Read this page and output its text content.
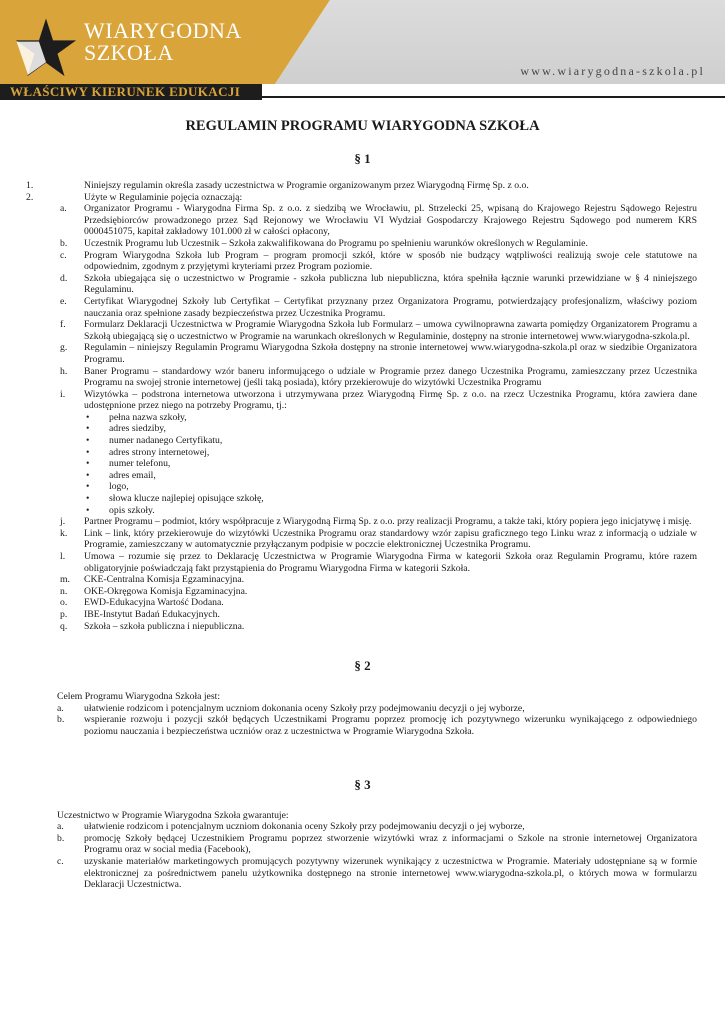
WIARYGODNA
SZKOŁA
www.wiarygodna-szkola.pl
WŁAŚCIWY KIERUNEK EDUKACJI
REGULAMIN PROGRAMU WIARYGODNA SZKOŁA
§ 1
1.	Niniejszy regulamin określa zasady uczestnictwa w Programie organizowanym przez Wiarygodną Firmę Sp. z o.o.
2.	Użyte w Regulaminie pojęcia oznaczają:
a. Organizator Programu - Wiarygodna Firma Sp. z o.o. z siedzibą we Wrocławiu, pl. Strzelecki 25, wpisaną do Krajowego Rejestru Sądowego Rejestru Przedsiębiorców prowadzonego przez Sąd Rejonowy we Wrocławiu VI Wydział Gospodarczy Krajowego Rejestru Sądowego pod numerem KRS 0000451075, kapitał zakładowy 101.000 zł w całości opłacony,
b. Uczestnik Programu lub Uczestnik – Szkoła zakwalifikowana do Programu po spełnieniu warunków określonych w Regulaminie.
c. Program Wiarygodna Szkoła lub Program – program promocji szkół, które w sposób nie budzący wątpliwości realizują swoje cele statutowe na odpowiednim, zgodnym z przyjętymi kryteriami przez Program poziomie.
d. Szkoła ubiegająca się o uczestnictwo w Programie - szkoła publiczna lub niepubliczna, która spełniła łącznie warunki przewidziane w § 4 niniejszego Regulaminu.
e. Certyfikat Wiarygodnej Szkoły lub Certyfikat – Certyfikat przyznany przez Organizatora Programu, potwierdzający profesjonalizm, właściwy poziom nauczania oraz spełnione zasady bezpieczeństwa przez Uczestnika Programu.
f. Formularz Deklaracji Uczestnictwa w Programie Wiarygodna Szkoła lub Formularz – umowa cywilnoprawna zawarta pomiędzy Organizatorem Programu a Szkołą ubiegającą się o uczestnictwo w Programie na warunkach określonych w Regulaminie, dostępny na stronie internetowej www.wiarygodna-szkola.pl.
g. Regulamin – niniejszy Regulamin Programu Wiarygodna Szkoła dostępny na stronie internetowej www.wiarygodna-szkola.pl oraz w siedzibie Organizatora Programu.
h. Baner Programu – standardowy wzór baneru informującego o udziale w Programie przez danego Uczestnika Programu, zamieszczany przez Uczestnika Programu na swojej stronie internetowej (jeśli taką posiada), który przekierowuje do wizytówki Uczestnika Programu
i. Wizytówka – podstrona internetowa utworzona i utrzymywana przez Wiarygodną Firmę Sp. z o.o. na rzecz Uczestnika Programu, która zawiera dane udostępnione przez niego na potrzeby Programu, tj.:
• pełna nazwa szkoły,
• adres siedziby,
• numer nadanego Certyfikatu,
• adres strony internetowej,
• numer telefonu,
• adres email,
• logo,
• słowa klucze najlepiej opisujące szkołę,
• opis szkoły.
j. Partner Programu – podmiot, który współpracuje z Wiarygodną Firmą Sp. z o.o. przy realizacji Programu, a także taki, który popiera jego inicjatywę i misję.
k. Link – link, który przekierowuje do wizytówki Uczestnika Programu oraz standardowy wzór zapisu graficznego tego Linku wraz z informacją o udziale w Programie, zamieszczany w automatycznie przyłączanym podpisie w poczcie elektronicznej Uczestnika Programu.
l. Umowa – rozumie się przez to Deklarację Uczestnictwa w Programie Wiarygodna Firma w kategorii Szkoła oraz Regulamin Programu, które razem obligatoryjnie poświadczają fakt przystąpienia do Programu Wiarygodna Firma w kategorii Szkoła.
m. CKE-Centralna Komisja Egzaminacyjna.
n. OKE-Okręgowa Komisja Egzaminacyjna.
o. EWD-Edukacyjna Wartość Dodana.
p. IBE-Instytut Badań Edukacyjnych.
q. Szkoła – szkoła publiczna i niepubliczna.
§ 2
Celem Programu Wiarygodna Szkoła jest:
a. ułatwienie rodzicom i potencjalnym uczniom dokonania oceny Szkoły przy podejmowaniu decyzji o jej wyborze,
b. wspieranie rozwoju i pozycji szkół będących Uczestnikami Programu poprzez promocję ich pozytywnego wizerunku wynikającego z odpowiedniego poziomu nauczania i bezpieczeństwa uczniów oraz z uczestnictwa w Programie Wiarygodna Szkoła.
§ 3
Uczestnictwo w Programie Wiarygodna Szkoła gwarantuje:
a. ułatwienie rodzicom i potencjalnym uczniom dokonania oceny Szkoły przy podejmowaniu decyzji o jej wyborze,
b. promocję Szkoły będącej Uczestnikiem Programu poprzez stworzenie wizytówki wraz z informacjami o Szkole na stronie internetowej Organizatora Programu oraz w social media (Facebook),
c. uzyskanie materiałów marketingowych promujących pozytywny wizerunek wynikający z uczestnictwa w Programie. Materiały udostępniane są w formie elektronicznej za pośrednictwem panelu użytkownika dostępnego na stronie internetowej www.wiarygodna-szkola.pl, o których mowa w formularzu Deklaracji Uczestnictwa.
